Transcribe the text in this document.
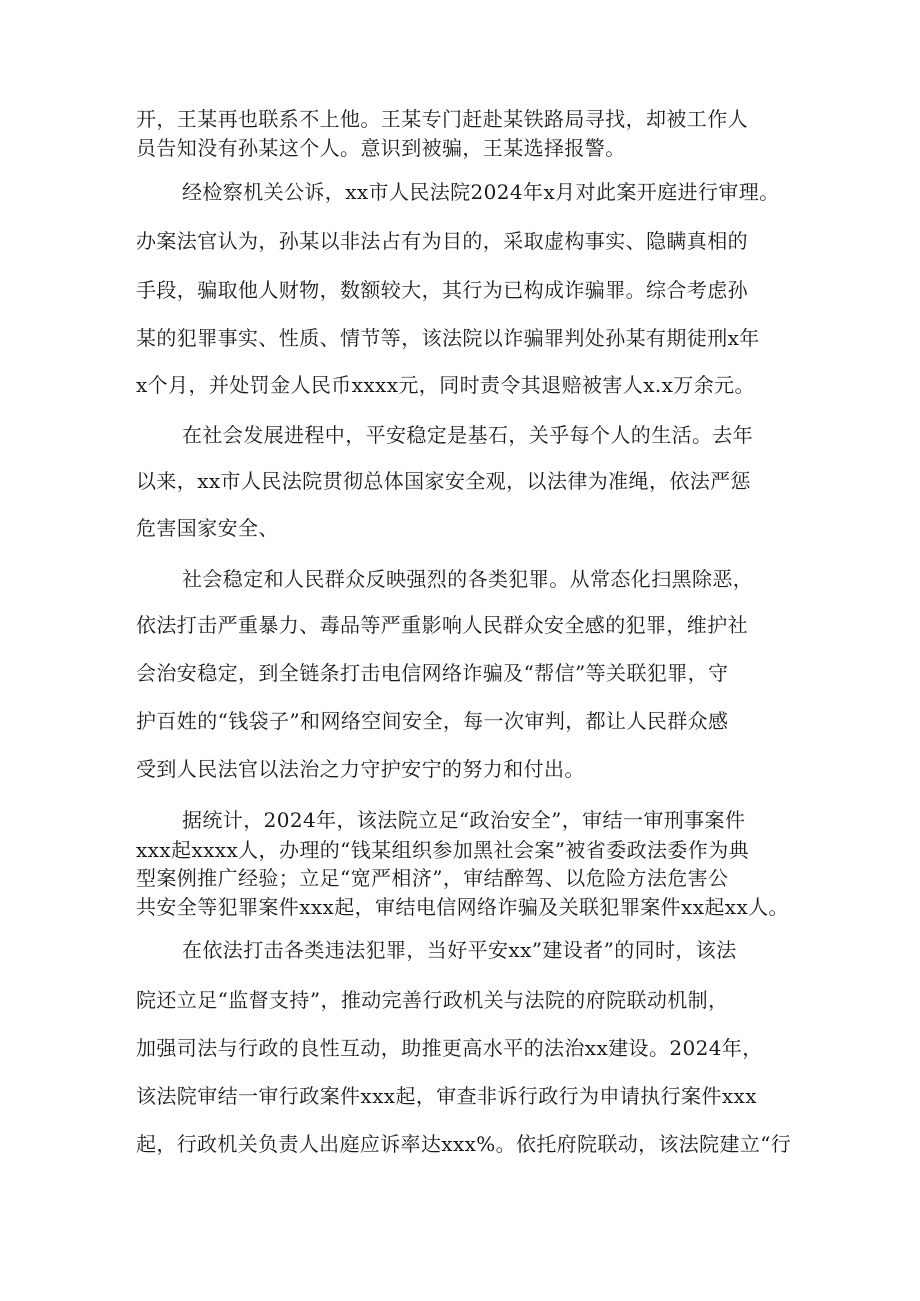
开，王某再也联系不上他。王某专门赶赴某铁路局寻找，却被工作人
员告知没有孙某这个人。意识到被骗，王某选择报警。
经检察机关公诉，xx市人民法院2024年x月对此案开庭进行审理。
办案法官认为，孙某以非法占有为目的，采取虚构事实、隐瞒真相的
手段，骗取他人财物，数额较大，其行为已构成诈骗罪。综合考虑孙
某的犯罪事实、性质、情节等，该法院以诈骗罪判处孙某有期徒刑x年
x个月，并处罚金人民币xxxx元，同时责令其退赔被害人x.x万余元。
在社会发展进程中，平安稳定是基石，关乎每个人的生活。去年
以来，xx市人民法院贯彻总体国家安全观，以法律为准绳，依法严惩
危害国家安全、
社会稳定和人民群众反映强烈的各类犯罪。从常态化扫黑除恶，
依法打击严重暴力、毒品等严重影响人民群众安全感的犯罪，维护社
会治安稳定，到全链条打击电信网络诈骗及“帮信”等关联犯罪，守
护百姓的“钱袋子”和网络空间安全，每一次审判，都让人民群众感
受到人民法官以法治之力守护安宁的努力和付出。
据统计，2024年，该法院立足“政治安全”，审结一审刑事案件
xxx起xxxx人，办理的“钱某组织参加黑社会案”被省委政法委作为典
型案例推广经验；立足“宽严相济”，审结醉驾、以危险方法危害公
共安全等犯罪案件xxx起，审结电信网络诈骗及关联犯罪案件xx起xx人。
在依法打击各类违法犯罪，当好平安xx”建设者”的同时，该法
院还立足“监督支持”，推动完善行政机关与法院的府院联动机制，
加强司法与行政的良性互动，助推更高水平的法治xx建设。2024年，
该法院审结一审行政案件xxx起，审查非诉行政行为申请执行案件xxx
起，行政机关负责人出庭应诉率达xxx%。依托府院联动，该法院建立“行
